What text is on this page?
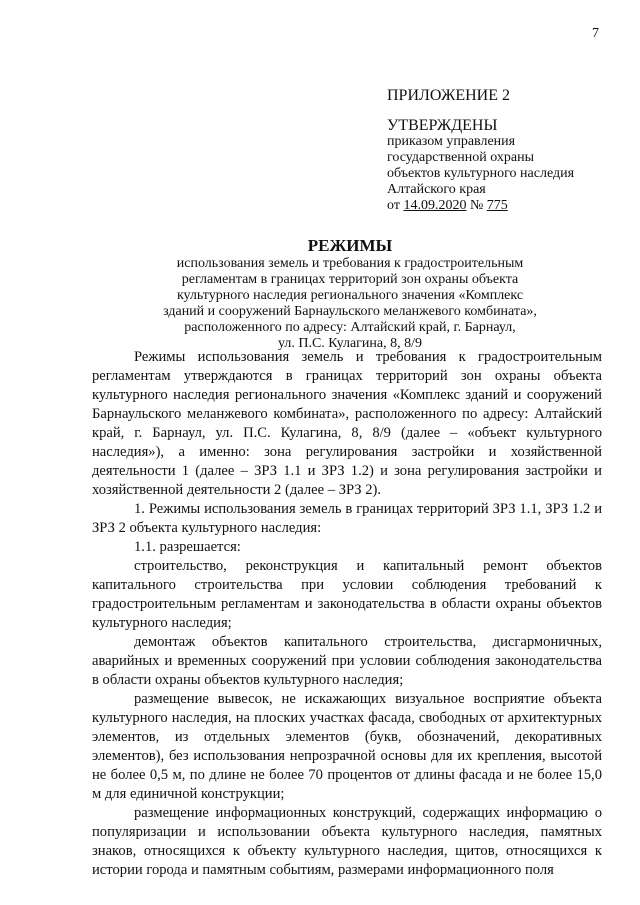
7
ПРИЛОЖЕНИЕ 2
УТВЕРЖДЕНЫ
приказом управления
государственной охраны
объектов культурного наследия
Алтайского края
от 14.09.2020 № 775
РЕЖИМЫ
использования земель и требования к градостроительным
регламентам в границах территорий зон охраны объекта
культурного наследия регионального значения «Комплекс
зданий и сооружений Барнаульского меланжевого комбината»,
расположенного по адресу: Алтайский край, г. Барнаул,
ул. П.С. Кулагина, 8, 8/9

Режимы использования земель и требования к градостроительным регламентам утверждаются в границах территорий зон охраны объекта культурного наследия регионального значения «Комплекс зданий и сооружений Барнаульского меланжевого комбината», расположенного по адресу: Алтайский край, г. Барнаул, ул. П.С. Кулагина, 8, 8/9 (далее – «объект культурного наследия»), а именно: зона регулирования застройки и хозяйственной деятельности 1 (далее – ЗРЗ 1.1 и ЗРЗ 1.2) и зона регулирования застройки и хозяйственной деятельности 2 (далее – ЗРЗ 2).

1. Режимы использования земель в границах территорий ЗРЗ 1.1, ЗРЗ 1.2 и ЗРЗ 2 объекта культурного наследия:

1.1. разрешается:

строительство, реконструкция и капитальный ремонт объектов капитального строительства при условии соблюдения требований к градостроительным регламентам и законодательства в области охраны объектов культурного наследия;

демонтаж объектов капитального строительства, дисгармоничных, аварийных и временных сооружений при условии соблюдения законодательства в области охраны объектов культурного наследия;

размещение вывесок, не искажающих визуальное восприятие объекта культурного наследия, на плоских участках фасада, свободных от архитектурных элементов, из отдельных элементов (букв, обозначений, декоративных элементов), без использования непрозрачной основы для их крепления, высотой не более 0,5 м, по длине не более 70 процентов от длины фасада и не более 15,0 м для единичной конструкции;

размещение информационных конструкций, содержащих информацию о популяризации и использовании объекта культурного наследия, памятных знаков, относящихся к объекту культурного наследия, щитов, относящихся к истории города и памятным событиям, размерами информационного поля
